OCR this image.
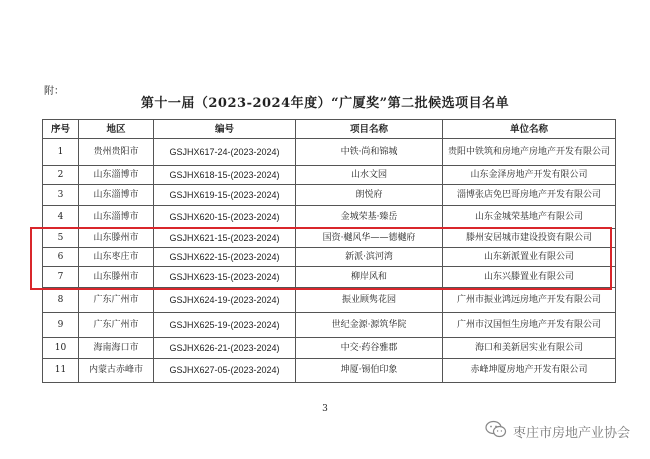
附：
第十一届（2023-2024年度）“广厦奖”第二批候选项目名单
序号	地区	编号	项目名称	单位名称
1	贵州贵阳市	GSJHX617-24-(2023-2024)	中铁·尚和锦城	贵阳中铁筑和房地产房地产开发有限公司
2	山东淄博市	GSJHX618-15-(2023-2024)	山水文园	山东金泽房地产开发有限公司
3	山东淄博市	GSJHX619-15-(2023-2024)	朗悦府	淄博张店免巴哥房地产开发有限公司
4	山东淄博市	GSJHX620-15-(2023-2024)	金城荣基·臻岳	山东金城荣基地产有限公司
5	山东滕州市	GSJHX621-15-(2023-2024)	国资·樾风华——德樾府	滕州安居城市建设投资有限公司
6	山东枣庄市	GSJHX622-15-(2023-2024)	新派·滨河湾	山东新派置业有限公司
7	山东滕州市	GSJHX623-15-(2023-2024)	柳岸风和	山东兴滕置业有限公司
8	广东广州市	GSJHX624-19-(2023-2024)	振业顾隽花园	广州市振业鸿远房地产开发有限公司
9	广东广州市	GSJHX625-19-(2023-2024)	世纪金源·源筑华院	广州市汉国恒生房地产开发有限公司
10	海南海口市	GSJHX626-21-(2023-2024)	中交·药谷雅郡	海口和美新居实业有限公司
11	内蒙古赤峰市	GSJHX627-05-(2023-2024)	坤厦·锡伯印象	赤峰坤厦房地产开发有限公司
3
枣庄市房地产业协会
